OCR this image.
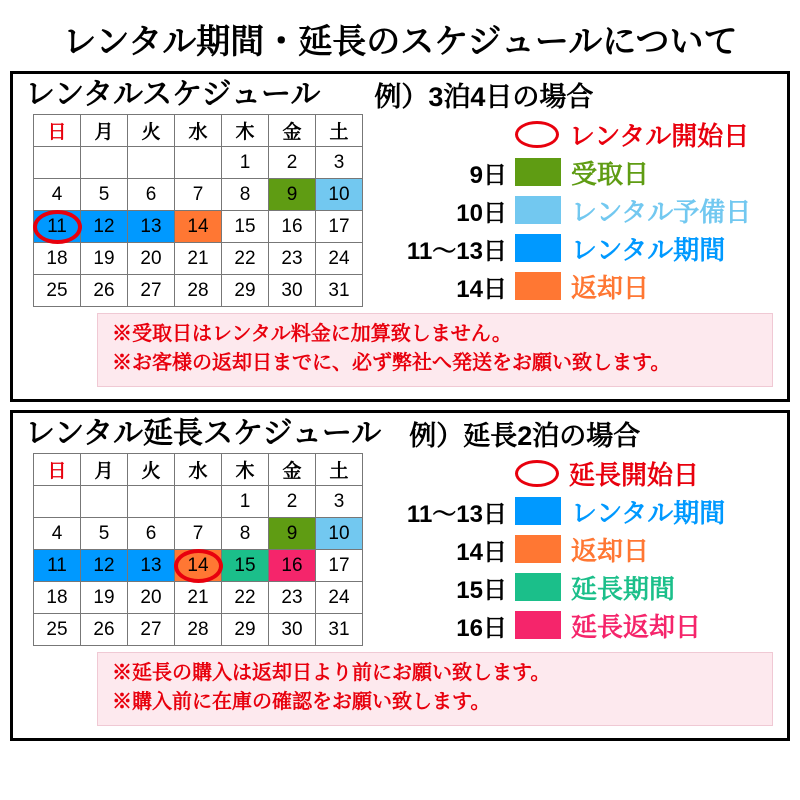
レンタル期間・延長のスケジュールについて
レンタルスケジュール	例）3泊4日の場合
日	月	火	水	木	金	土
				1	2	3
4	5	6	7	8	9	10
11	12	13	14	15	16	17
18	19	20	21	22	23	24
25	26	27	28	29	30	31
レンタル開始日
9日	受取日
10日	レンタル予備日
11〜13日	レンタル期間
14日	返却日
※受取日はレンタル料金に加算致しません。
※お客様の返却日までに、必ず弊社へ発送をお願い致します。
レンタル延長スケジュール	例）延長2泊の場合
日	月	火	水	木	金	土
				1	2	3
4	5	6	7	8	9	10
11	12	13	14	15	16	17
18	19	20	21	22	23	24
25	26	27	28	29	30	31
延長開始日
11〜13日	レンタル期間
14日	返却日
15日	延長期間
16日	延長返却日
※延長の購入は返却日より前にお願い致します。
※購入前に在庫の確認をお願い致します。
